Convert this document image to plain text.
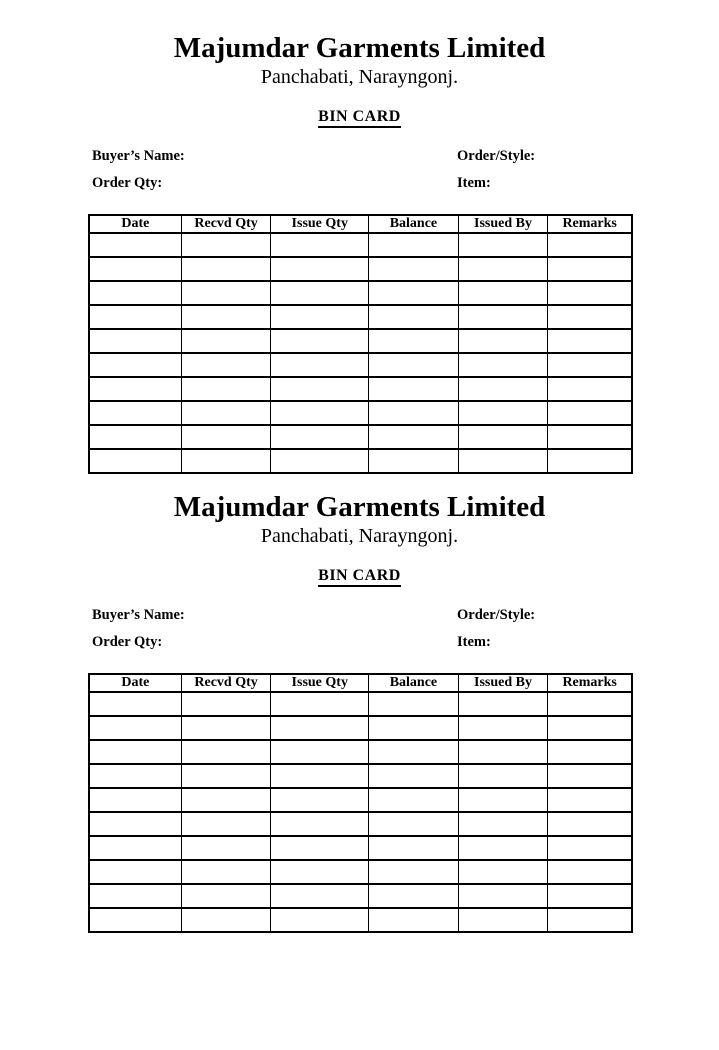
Majumdar Garments Limited
Panchabati, Narayngonj.
BIN CARD
Buyer’s Name:	Order/Style:
Order Qty:	Item:
Date	Recvd Qty	Issue Qty	Balance	Issued By	Remarks

Majumdar Garments Limited
Panchabati, Narayngonj.
BIN CARD
Buyer’s Name:	Order/Style:
Order Qty:	Item:
Date	Recvd Qty	Issue Qty	Balance	Issued By	Remarks
